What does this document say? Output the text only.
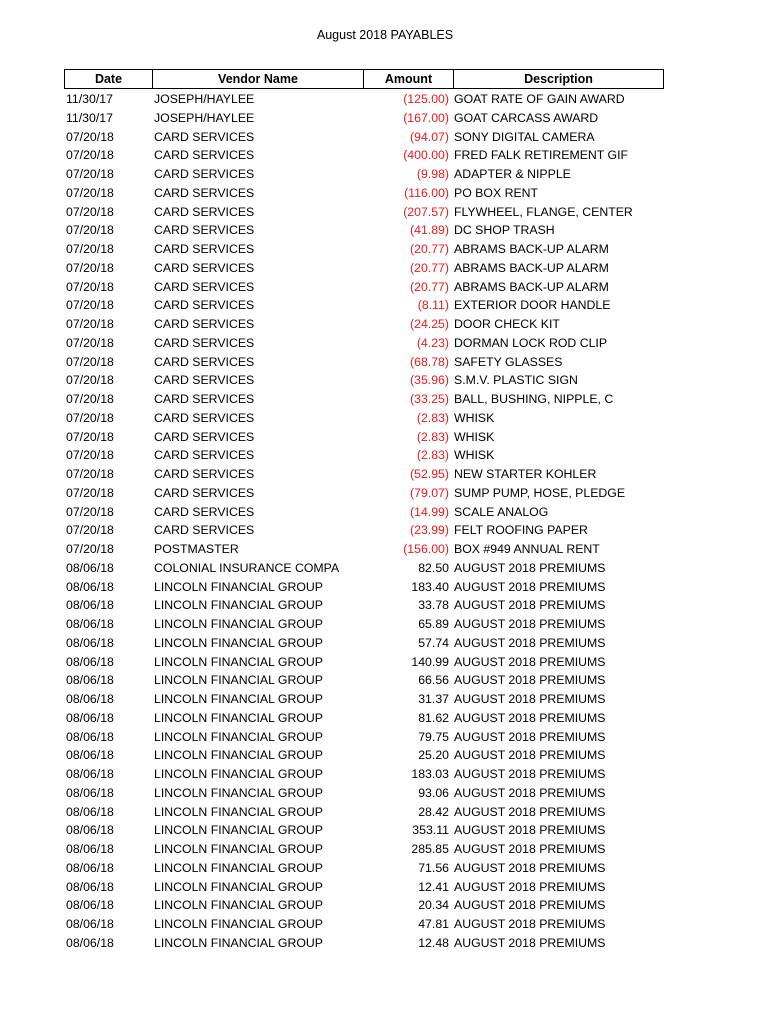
August 2018 PAYABLES
Date	Vendor Name	Amount	Description
11/30/17	JOSEPH/HAYLEE	(125.00) GOAT RATE OF GAIN AWARD
11/30/17	JOSEPH/HAYLEE	(167.00) GOAT CARCASS AWARD
07/20/18	CARD SERVICES	(94.07) SONY DIGITAL CAMERA
07/20/18	CARD SERVICES	(400.00) FRED FALK RETIREMENT GIF
07/20/18	CARD SERVICES	(9.98) ADAPTER & NIPPLE
07/20/18	CARD SERVICES	(116.00) PO BOX RENT
07/20/18	CARD SERVICES	(207.57) FLYWHEEL, FLANGE, CENTER
07/20/18	CARD SERVICES	(41.89) DC SHOP TRASH
07/20/18	CARD SERVICES	(20.77) ABRAMS BACK-UP ALARM
07/20/18	CARD SERVICES	(20.77) ABRAMS BACK-UP ALARM
07/20/18	CARD SERVICES	(20.77) ABRAMS BACK-UP ALARM
07/20/18	CARD SERVICES	(8.11) EXTERIOR DOOR HANDLE
07/20/18	CARD SERVICES	(24.25) DOOR CHECK KIT
07/20/18	CARD SERVICES	(4.23) DORMAN LOCK ROD CLIP
07/20/18	CARD SERVICES	(68.78) SAFETY GLASSES
07/20/18	CARD SERVICES	(35.96) S.M.V. PLASTIC SIGN
07/20/18	CARD SERVICES	(33.25) BALL, BUSHING, NIPPLE, C
07/20/18	CARD SERVICES	(2.83) WHISK
07/20/18	CARD SERVICES	(2.83) WHISK
07/20/18	CARD SERVICES	(2.83) WHISK
07/20/18	CARD SERVICES	(52.95) NEW STARTER KOHLER
07/20/18	CARD SERVICES	(79.07) SUMP PUMP, HOSE, PLEDGE
07/20/18	CARD SERVICES	(14.99) SCALE ANALOG
07/20/18	CARD SERVICES	(23.99) FELT ROOFING PAPER
07/20/18	POSTMASTER	(156.00) BOX #949 ANNUAL RENT
08/06/18	COLONIAL INSURANCE COMPA	82.50 AUGUST 2018 PREMIUMS
08/06/18	LINCOLN FINANCIAL GROUP	183.40 AUGUST 2018 PREMIUMS
08/06/18	LINCOLN FINANCIAL GROUP	33.78 AUGUST 2018 PREMIUMS
08/06/18	LINCOLN FINANCIAL GROUP	65.89 AUGUST 2018 PREMIUMS
08/06/18	LINCOLN FINANCIAL GROUP	57.74 AUGUST 2018 PREMIUMS
08/06/18	LINCOLN FINANCIAL GROUP	140.99 AUGUST 2018 PREMIUMS
08/06/18	LINCOLN FINANCIAL GROUP	66.56 AUGUST 2018 PREMIUMS
08/06/18	LINCOLN FINANCIAL GROUP	31.37 AUGUST 2018 PREMIUMS
08/06/18	LINCOLN FINANCIAL GROUP	81.62 AUGUST 2018 PREMIUMS
08/06/18	LINCOLN FINANCIAL GROUP	79.75 AUGUST 2018 PREMIUMS
08/06/18	LINCOLN FINANCIAL GROUP	25.20 AUGUST 2018 PREMIUMS
08/06/18	LINCOLN FINANCIAL GROUP	183.03 AUGUST 2018 PREMIUMS
08/06/18	LINCOLN FINANCIAL GROUP	93.06 AUGUST 2018 PREMIUMS
08/06/18	LINCOLN FINANCIAL GROUP	28.42 AUGUST 2018 PREMIUMS
08/06/18	LINCOLN FINANCIAL GROUP	353.11 AUGUST 2018 PREMIUMS
08/06/18	LINCOLN FINANCIAL GROUP	285.85 AUGUST 2018 PREMIUMS
08/06/18	LINCOLN FINANCIAL GROUP	71.56 AUGUST 2018 PREMIUMS
08/06/18	LINCOLN FINANCIAL GROUP	12.41 AUGUST 2018 PREMIUMS
08/06/18	LINCOLN FINANCIAL GROUP	20.34 AUGUST 2018 PREMIUMS
08/06/18	LINCOLN FINANCIAL GROUP	47.81 AUGUST 2018 PREMIUMS
08/06/18	LINCOLN FINANCIAL GROUP	12.48 AUGUST 2018 PREMIUMS
